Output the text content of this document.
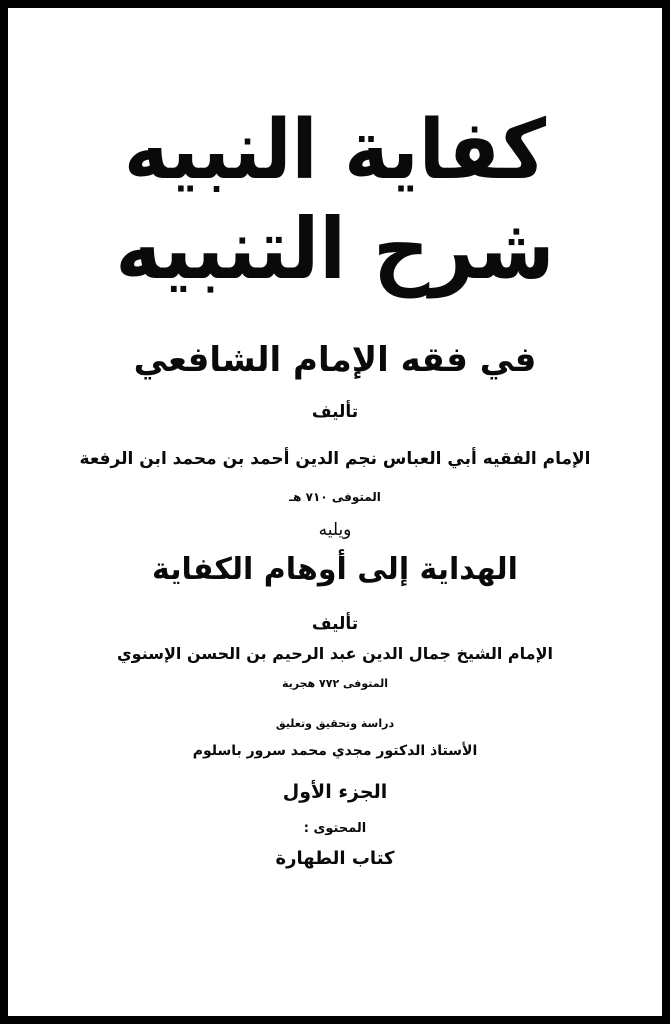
كفاية النبيه
شرح التنبيه
في فقه الإمام الشافعي
تأليف
الإمام الفقيه أبي العباس نجم الدين أحمد بن محمد ابن الرفعة
المتوفى ٧١٠ هـ
ويليه
الهداية إلى أوهام الكفاية
تأليف
الإمام الشيخ جمال الدين عبد الرحيم بن الحسن الإسنوي
المتوفى ٧٧٢ هجرية
دراسة وتحقيق وتعليق
الأستاذ الدكتور مجدي محمد سرور باسلوم
الجزء الأول
المحتوى :
كتاب الطهارة
